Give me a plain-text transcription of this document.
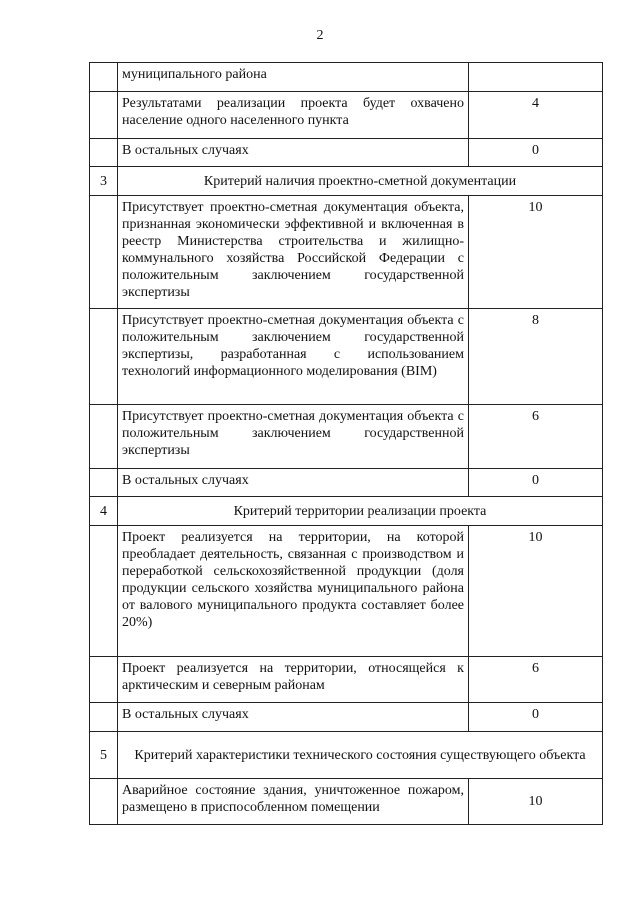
2
	муниципального района	
	Результатами реализации проекта будет охвачено население одного населенного пункта	4
	В остальных случаях	0
3	Критерий наличия проектно-сметной документации	
	Присутствует проектно-сметная документация объекта, признанная экономически эффективной и включенная в реестр Министерства строительства и жилищно-коммунального хозяйства Российской Федерации с положительным заключением государственной экспертизы	10
	Присутствует проектно-сметная документация объекта с положительным заключением государственной экспертизы, разработанная с использованием технологий информационного моделирования (BIM)	8
	Присутствует проектно-сметная документация объекта с положительным заключением государственной экспертизы	6
	В остальных случаях	0
4	Критерий территории реализации проекта	
	Проект реализуется на территории, на которой преобладает деятельность, связанная с производством и переработкой сельскохозяйственной продукции (доля продукции сельского хозяйства муниципального района от валового муниципального продукта составляет более 20%)	10
	Проект реализуется на территории, относящейся к арктическим и северным районам	6
	В остальных случаях	0
5	Критерий характеристики технического состояния существующего объекта	
	Аварийное состояние здания, уничтоженное пожаром, размещено в приспособленном помещении	10
